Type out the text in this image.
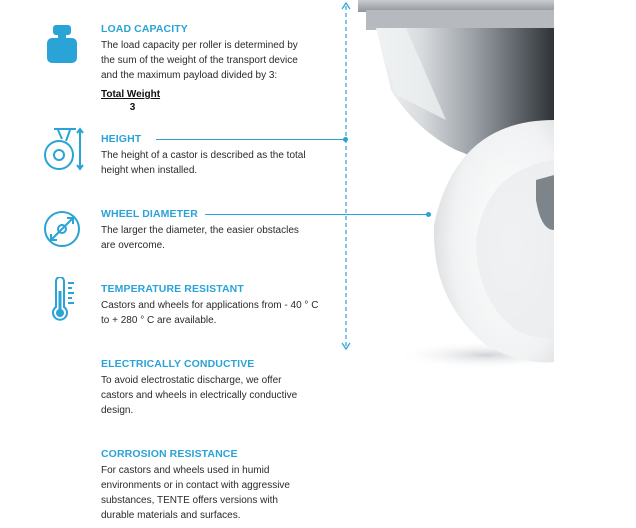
LOAD CAPACITY
The load capacity per roller is determined by the sum of the weight of the transport device and the maximum payload divided by 3:
Total Weight
3
HEIGHT
The height of a castor is described as the total height when installed.
WHEEL DIAMETER
The larger the diameter, the easier obstacles are overcome.
TEMPERATURE RESISTANT
Castors and wheels for applications from - 40 ° C to + 280 ° C are available.
ELECTRICALLY CONDUCTIVE
To avoid electrostatic discharge, we offer castors and wheels in electrically conductive design.
CORROSION RESISTANCE
For castors and wheels used in humid environments or in contact with aggressive substances, TENTE offers versions with durable materials and surfaces.
